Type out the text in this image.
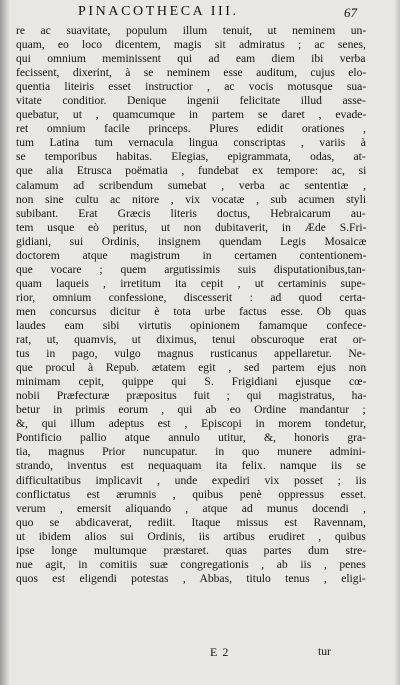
PINACOTHECA III.	67
re ac suavitate, populum illum tenuit, ut neminem un-
quam, eo loco dicentem, magis sit admiratus ; ac senes,
qui omnium meminissent qui ad eam diem ibi verba
fecissent, dixerint, à se neminem esse auditum, cujus elo-
quentia liteiris esset instructior , ac vocis motusque sua-
vitate conditior. Denique ingenii felicitate illud asse-
quebatur, ut , quamcumque in partem se daret , evade-
ret omnium facile princeps. Plures edidit orationes ,
tum Latina tum vernacula lingua conscriptas , variis à
se temporibus habitas. Elegias, epigrammata, odas, at-
que alia Etrusca poëmatia , fundebat ex tempore: ac, si
calamum ad scribendum sumebat , verba ac sententiæ ,
non sine cultu ac nitore , vix vocatæ , sub acumen styli
subibant. Erat Græcis literis doctus, Hebraicarum au-
tem usque eò peritus, ut non dubitaverit, in Æde S.Fri-
gidiani, sui Ordinis, insignem quendam Legis Mosaicæ
doctorem atque magistrum in certamen contentionem-
que vocare ; quem argutissimis suis disputationibus,tan-
quam laqueis , irretitum ita cepit , ut certaminis supe-
rior, omnium confessione, discesserit : ad quod certa-
men concursus dicitur è tota urbe factus esse. Ob quas
laudes eam sibi virtutis opinionem famamque confece-
rat, ut, quamvis, ut diximus, tenui obscuroque erat or-
tus in pago, vulgo magnus rusticanus appellaretur. Ne-
que procul à Repub. ætatem egit , sed partem ejus non
minimam cepit, quippe qui S. Frigidiani ejusque cœ-
nobii Præfecturæ præpositus fuit ; qui magistratus, ha-
betur in primis eorum , qui ab eo Ordine mandantur ;
&, qui illum adeptus est , Episcopi in morem tondetur,
Pontificio pallio atque annulo utitur, &, honoris gra-
tia, magnus Prior nuncupatur. in quo munere admini-
strando, inventus est nequaquam ita felix. namque iis se
difficultatibus implicavit , unde expediri vix posset ; iis
conflictatus est ærumnis , quibus penè oppressus esset.
verum , emersit aliquando , atque ad munus docendi ,
quo se abdicaverat, rediit. Itaque missus est Ravennam,
ut ibidem alios sui Ordinis, iis artibus erudiret , quibus
ipse longe multumque præstaret. quas partes dum stre-
nue agit, in comitiis suæ congregationis , ab iis , penes
quos est eligendi potestas , Abbas, titulo tenus , eligi-
E 2	tur
